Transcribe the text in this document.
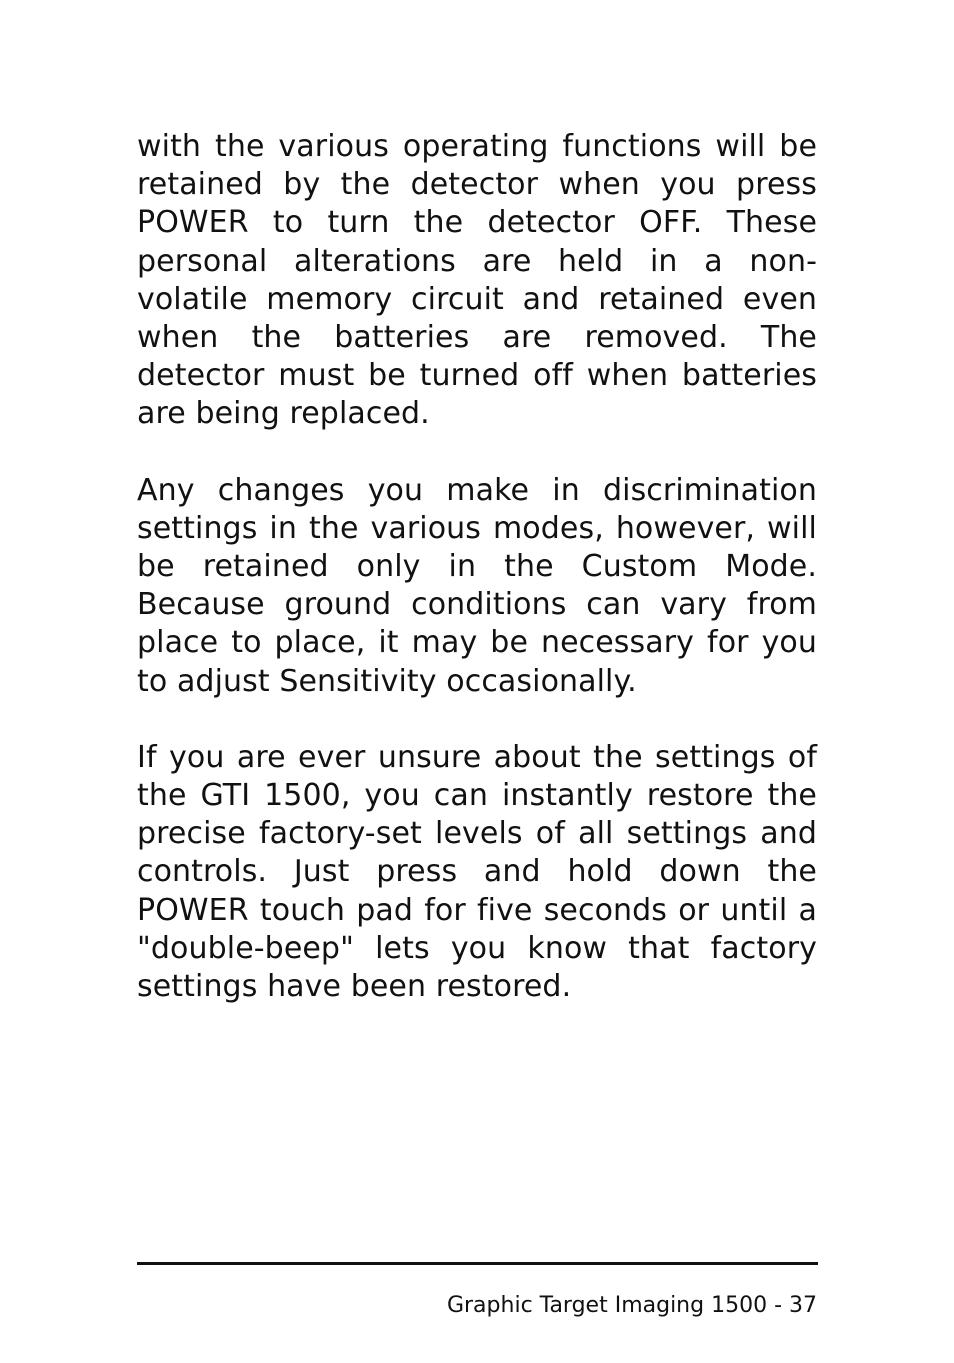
with the various operating functions will be retained by the detector when you press POWER to turn the detector OFF. These personal alterations are held in a non-volatile memory circuit and retained even when the batteries are removed. The detector must be turned off when batteries are being replaced.

Any changes you make in discrimination settings in the various modes, however, will be retained only in the Custom Mode. Because ground conditions can vary from place to place, it may be necessary for you to adjust Sensitivity occasionally.

If you are ever unsure about the settings of the GTI 1500, you can instantly restore the precise factory-set levels of all settings and controls. Just press and hold down the POWER touch pad for five seconds or until a "double-beep" lets you know that factory settings have been restored.

Graphic Target Imaging 1500 - 37
